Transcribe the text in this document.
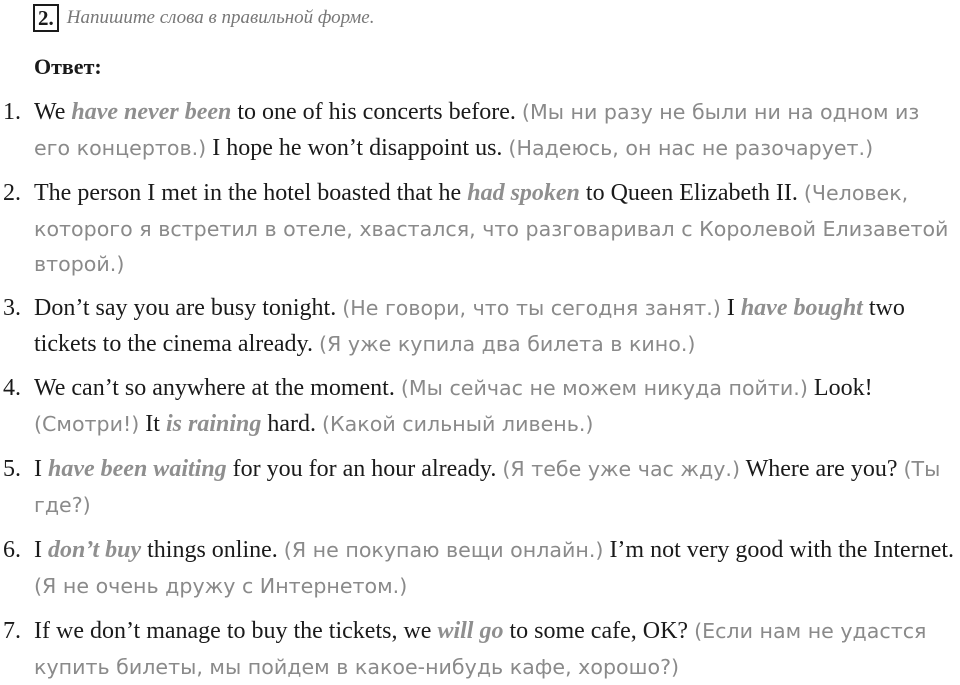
2. Напишите слова в правильной форме.
Ответ:
1. We have never been to one of his concerts before. (Мы ни разу не были ни на одном из его концертов.) I hope he won’t disappoint us. (Надеюсь, он нас не разочарует.)
2. The person I met in the hotel boasted that he had spoken to Queen Elizabeth II. (Человек, которого я встретил в отеле, хвастался, что разговаривал с Королевой Елизаветой второй.)
3. Don’t say you are busy tonight. (Не говори, что ты сегодня занят.) I have bought two tickets to the cinema already. (Я уже купила два билета в кино.)
4. We can’t so anywhere at the moment. (Мы сейчас не можем никуда пойти.) Look! (Смотри!) It is raining hard. (Какой сильный ливень.)
5. I have been waiting for you for an hour already. (Я тебе уже час жду.) Where are you? (Ты где?)
6. I don’t buy things online. (Я не покупаю вещи онлайн.) I’m not very good with the Internet. (Я не очень дружу с Интернетом.)
7. If we don’t manage to buy the tickets, we will go to some cafe, OK? (Если нам не удастся купить билеты, мы пойдем в какое-нибудь кафе, хорошо?)
